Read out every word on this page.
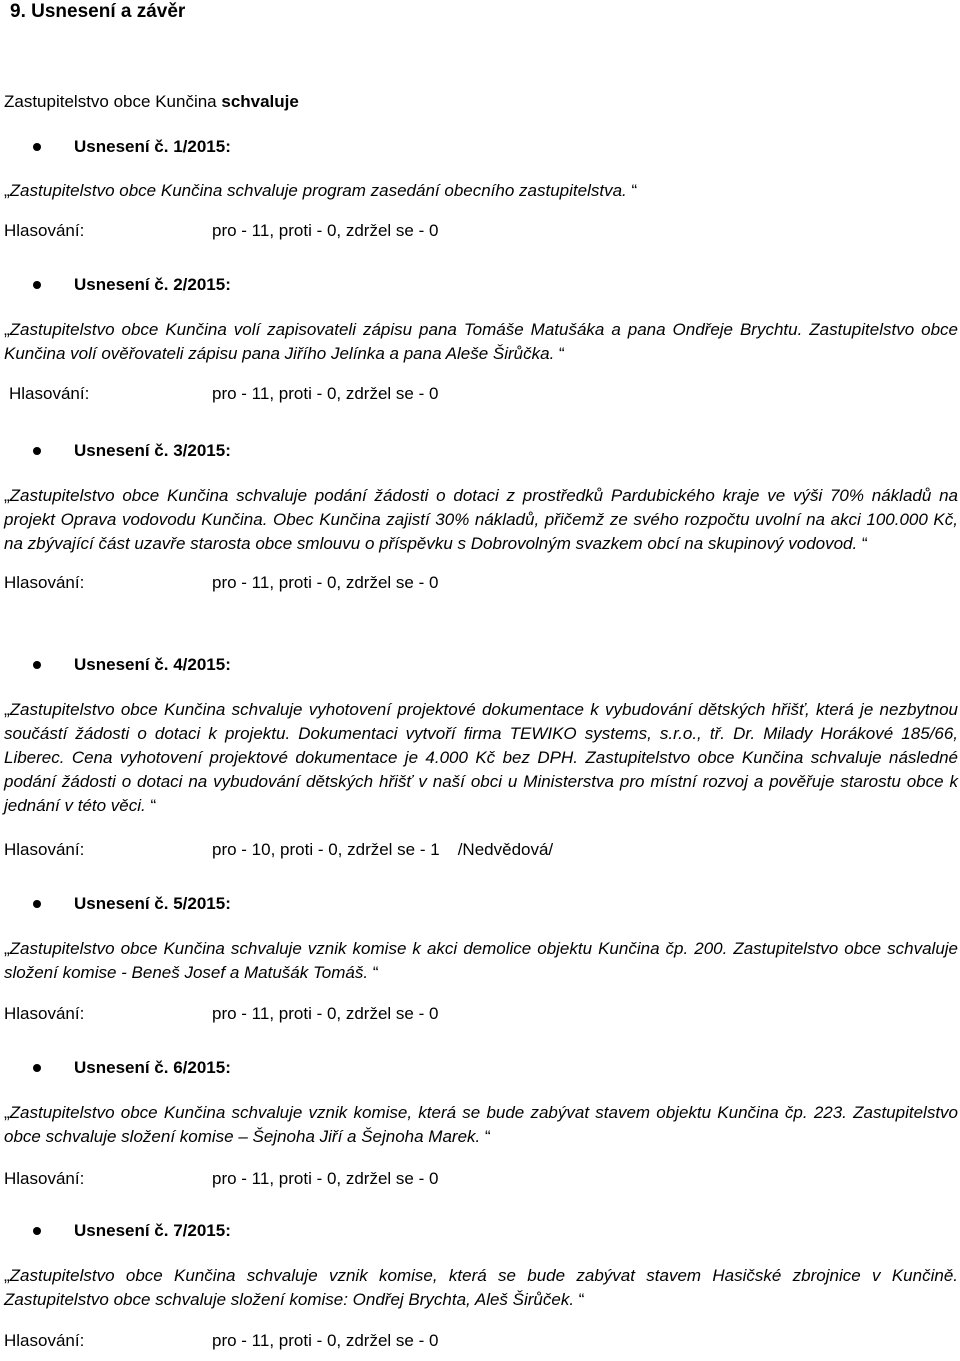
9. Usnesení a závěr
Zastupitelstvo obce Kunčina schvaluje
Usnesení č. 1/2015:

„Zastupitelstvo obce Kunčina schvaluje program zasedání obecního zastupitelstva. “

Hlasování:	pro - 11, proti - 0, zdržel se - 0
Usnesení č. 2/2015:

„Zastupitelstvo obce Kunčina volí zapisovateli zápisu pana Tomáše Matušáka a pana Ondřeje Brychtu. Zastupitelstvo obce Kunčina volí ověřovateli zápisu pana Jiřího Jelínka a pana Aleše Širůčka. “

Hlasování:	pro - 11, proti - 0, zdržel se - 0
Usnesení č. 3/2015:

„Zastupitelstvo obce Kunčina schvaluje podání žádosti o dotaci z prostředků Pardubického kraje ve výši 70% nákladů na projekt Oprava vodovodu Kunčina. Obec Kunčina zajistí 30% nákladů, přičemž ze svého rozpočtu uvolní na akci 100.000 Kč, na zbývající část uzavře starosta obce smlouvu o příspěvku s Dobrovolným svazkem obcí na skupinový vodovod. “

Hlasování:	pro - 11, proti - 0, zdržel se - 0
Usnesení č. 4/2015:

„Zastupitelstvo obce Kunčina schvaluje vyhotovení projektové dokumentace k vybudování dětských hřišť, která je nezbytnou součástí žádosti o dotaci k projektu. Dokumentaci vytvoří firma TEWIKO systems, s.r.o., tř. Dr. Milady Horákové 185/66, Liberec. Cena vyhotovení projektové dokumentace je 4.000 Kč bez DPH. Zastupitelstvo obce Kunčina schvaluje následné podání žádosti o dotaci na vybudování dětských hřišť v naší obci u Ministerstva pro místní rozvoj a pověřuje starostu obce k jednání v této věci. “

Hlasování:	pro - 10, proti - 0, zdržel se - 1 /Nedvědová/
Usnesení č. 5/2015:

„Zastupitelstvo obce Kunčina schvaluje vznik komise k akci demolice objektu Kunčina čp. 200. Zastupitelstvo obce schvaluje složení komise - Beneš Josef a Matušák Tomáš. “

Hlasování:	pro - 11, proti - 0, zdržel se - 0
Usnesení č. 6/2015:

„Zastupitelstvo obce Kunčina schvaluje vznik komise, která se bude zabývat stavem objektu Kunčina čp. 223. Zastupitelstvo obce schvaluje složení komise – Šejnoha Jiří a Šejnoha Marek. “

Hlasování:	pro - 11, proti - 0, zdržel se - 0
Usnesení č. 7/2015:

„Zastupitelstvo obce Kunčina schvaluje vznik komise, která se bude zabývat stavem Hasičské zbrojnice v Kunčině. Zastupitelstvo obce schvaluje složení komise: Ondřej Brychta, Aleš Širůček. “

Hlasování:	pro - 11, proti - 0, zdržel se - 0
